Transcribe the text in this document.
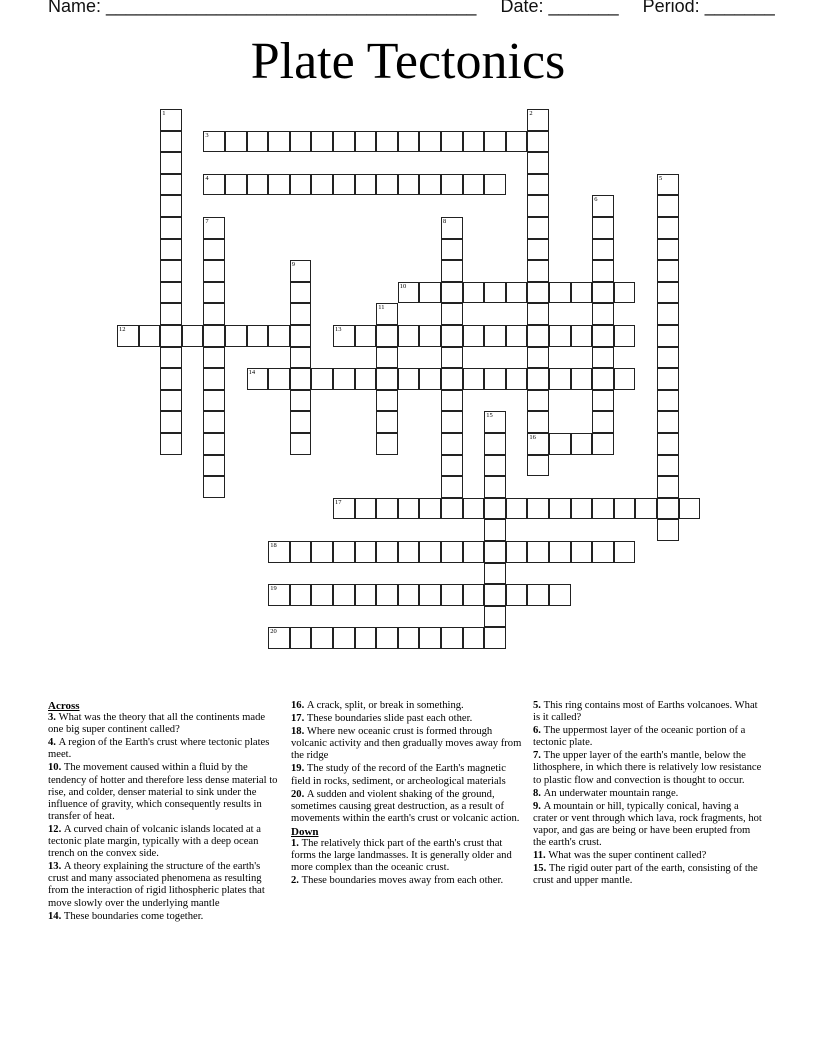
Name: _____________________________________ Date: _______ Period: _______
Plate Tectonics
3
4
10
12	13
14
16
17
18
19
20
1	2
5
6
7	8
9
11
15
Across
3. What was the theory that all the continents made one big super continent called?
4. A region of the Earth's crust where tectonic plates meet.
10. The movement caused within a fluid by the tendency of hotter and therefore less dense material to rise, and colder, denser material to sink under the influence of gravity, which consequently results in transfer of heat.
12. A curved chain of volcanic islands located at a tectonic plate margin, typically with a deep ocean trench on the convex side.
13. A theory explaining the structure of the earth's crust and many associated phenomena as resulting from the interaction of rigid lithospheric plates that move slowly over the underlying mantle
14. These boundaries come together.
16. A crack, split, or break in something.
17. These boundaries slide past each other.
18. Where new oceanic crust is formed through volcanic activity and then gradually moves away from the ridge
19. The study of the record of the Earth's magnetic field in rocks, sediment, or archeological materials
20. A sudden and violent shaking of the ground, sometimes causing great destruction, as a result of movements within the earth's crust or volcanic action.
Down
1. The relatively thick part of the earth's crust that forms the large landmasses. It is generally older and more complex than the oceanic crust.
2. These boundaries moves away from each other.
5. This ring contains most of Earths volcanoes. What is it called?
6. The uppermost layer of the oceanic portion of a tectonic plate.
7. The upper layer of the earth's mantle, below the lithosphere, in which there is relatively low resistance to plastic flow and convection is thought to occur.
8. An underwater mountain range.
9. A mountain or hill, typically conical, having a crater or vent through which lava, rock fragments, hot vapor, and gas are being or have been erupted from the earth's crust.
11. What was the super continent called?
15. The rigid outer part of the earth, consisting of the crust and upper mantle.
